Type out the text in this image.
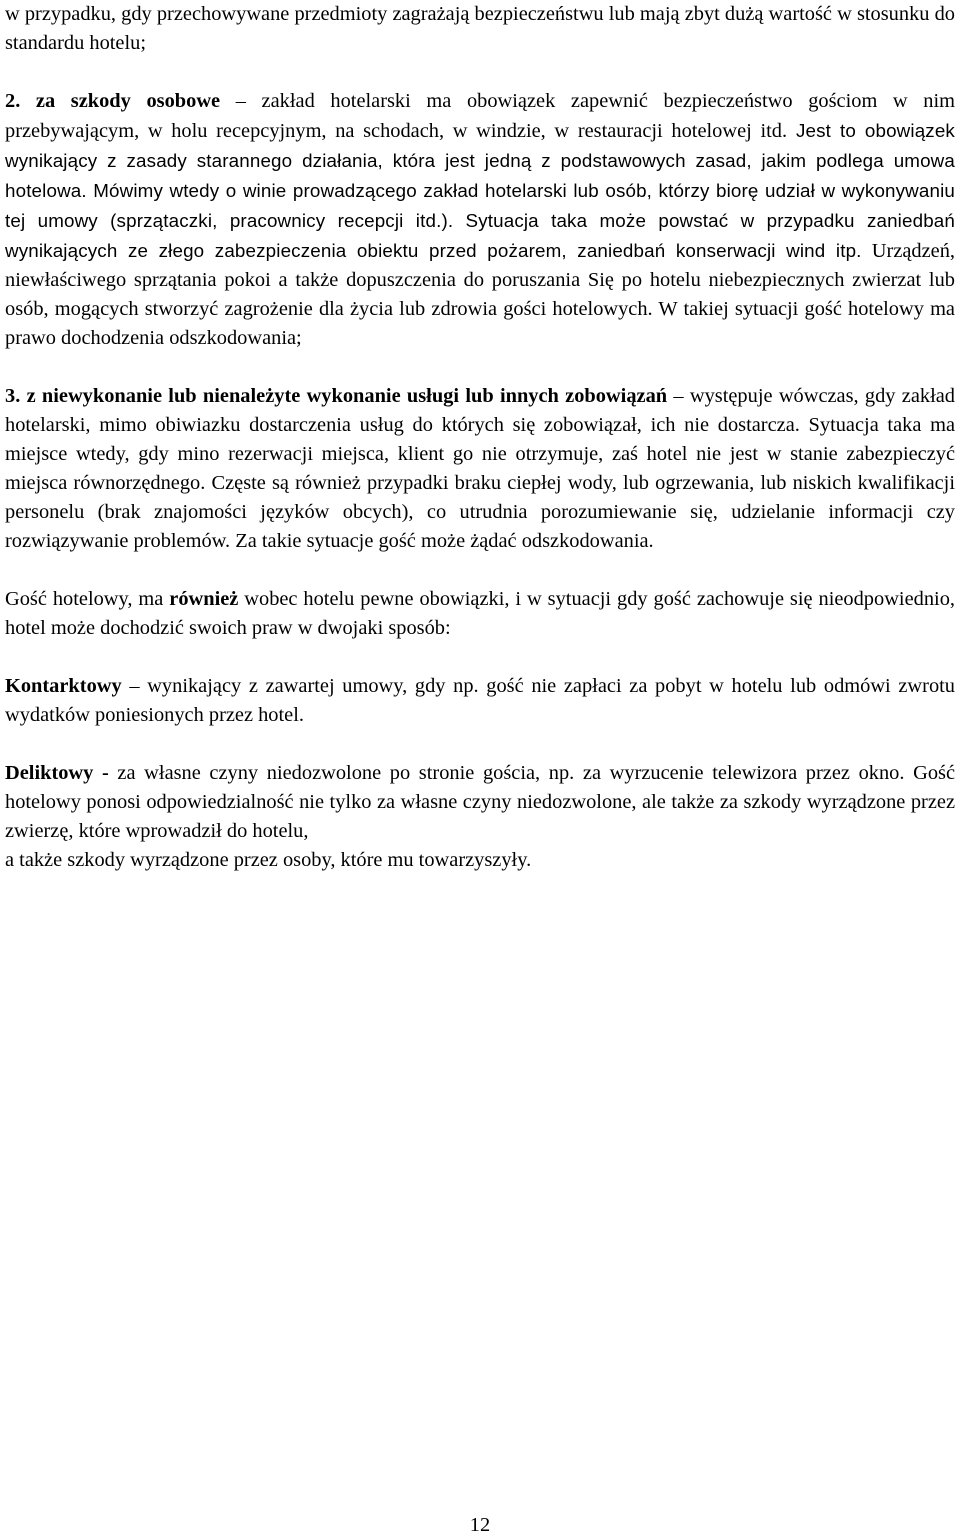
w przypadku, gdy przechowywane przedmioty zagrażają bezpieczeństwu lub mają zbyt dużą wartość w stosunku do standardu hotelu;

2. za szkody osobowe – zakład hotelarski ma obowiązek zapewnić bezpieczeństwo gościom w nim przebywającym, w holu recepcyjnym, na schodach, w windzie, w restauracji hotelowej itd. Jest to obowiązek wynikający z zasady starannego działania, która jest jedną z podstawowych zasad, jakim podlega umowa hotelowa. Mówimy wtedy o winie prowadzącego zakład hotelarski lub osób, którzy biorę udział w wykonywaniu tej umowy (sprzątaczki, pracownicy recepcji itd.). Sytuacja taka może powstać w przypadku zaniedbań wynikających ze złego zabezpieczenia obiektu przed pożarem, zaniedbań konserwacji wind itp. Urządzeń, niewłaściwego sprzątania pokoi a także dopuszczenia do poruszania Się po hotelu niebezpiecznych zwierzat lub osób, mogących stworzyć zagrożenie dla życia lub zdrowia gości hotelowych. W takiej sytuacji gość hotelowy ma prawo dochodzenia odszkodowania;

3. z niewykonanie lub nienależyte wykonanie usługi lub innych zobowiązań – występuje wówczas, gdy zakład hotelarski, mimo obiwiazku dostarczenia usług do których się zobowiązał, ich nie dostarcza. Sytuacja taka ma miejsce wtedy, gdy mino rezerwacji miejsca, klient go nie otrzymuje, zaś hotel nie jest w stanie zabezpieczyć miejsca równorzędnego. Częste są również przypadki braku ciepłej wody, lub ogrzewania, lub niskich kwalifikacji personelu (brak znajomości języków obcych), co utrudnia porozumiewanie się, udzielanie informacji czy rozwiązywanie problemów. Za takie sytuacje gość może żądać odszkodowania.

Gość hotelowy, ma również wobec hotelu pewne obowiązki, i w sytuacji gdy gość zachowuje się nieodpowiednio, hotel może dochodzić swoich praw w dwojaki sposób:

Kontarktowy – wynikający z zawartej umowy, gdy np. gość nie zapłaci za pobyt w hotelu lub odmówi zwrotu wydatków poniesionych przez hotel.

Deliktowy - za własne czyny niedozwolone po stronie gościa, np. za wyrzucenie telewizora przez okno. Gość hotelowy ponosi odpowiedzialność nie tylko za własne czyny niedozwolone, ale także za szkody wyrządzone przez zwierzę, które wprowadził do hotelu,

a także szkody wyrządzone przez osoby, które mu towarzyszyły.

12
